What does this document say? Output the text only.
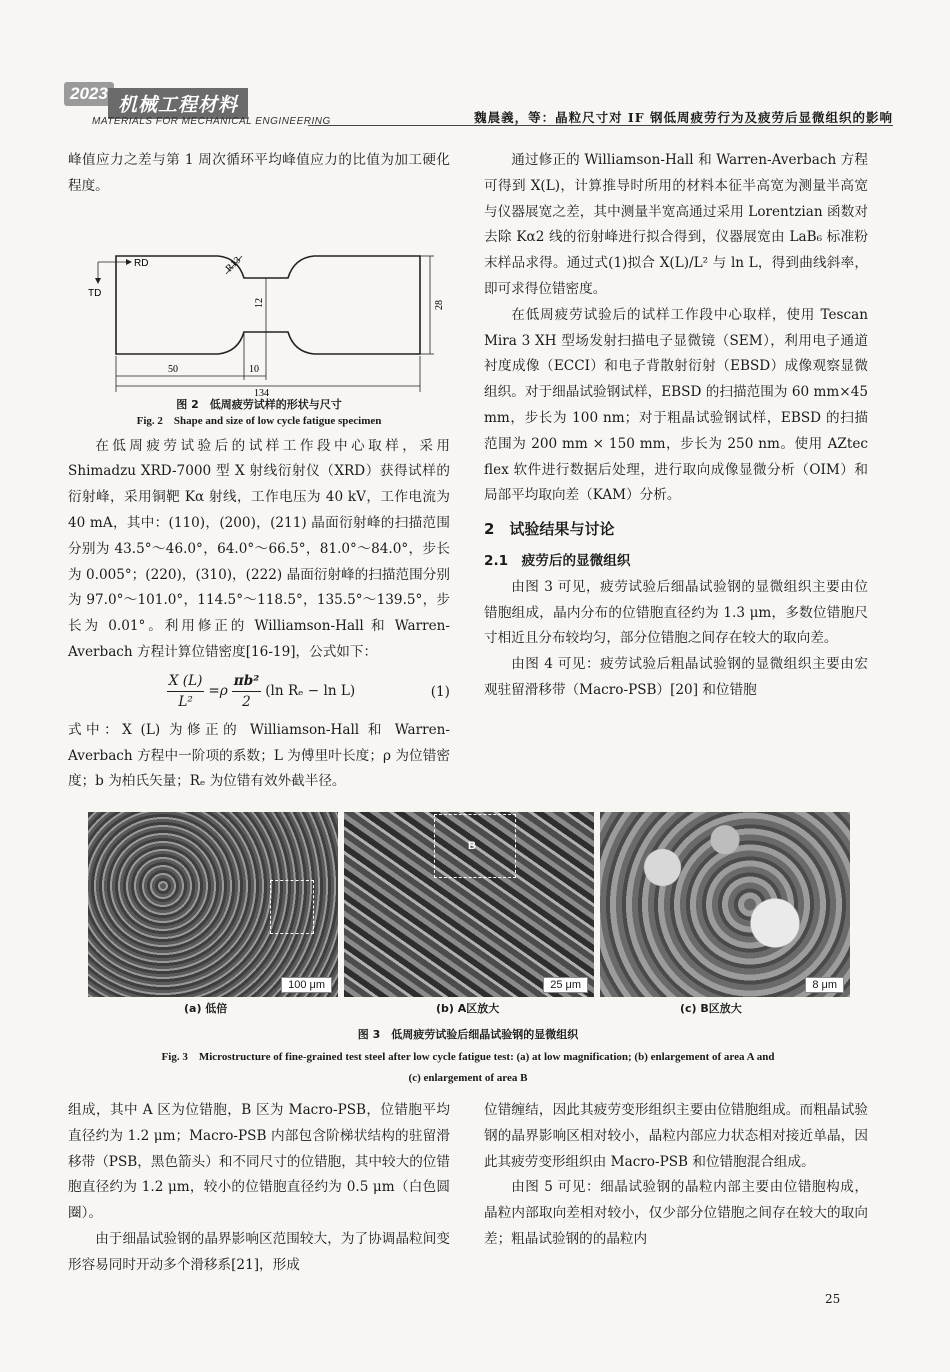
2023
机械工程材料
MATERIALS FOR MECHANICAL ENGINEERING	魏晨義，等：晶粒尺寸对 IF 钢低周疲劳行为及疲劳后显微组织的影响

峰值应力之差与第 1 周次循环平均峰值应力的比值为加工硬化程度。

RD
TD
R13
12	28
50	10
134
图 2　低周疲劳试样的形状与尺寸
Fig. 2　Shape and size of low cycle fatigue specimen

在低周疲劳试验后的试样工作段中心取样，采用 Shimadzu XRD-7000 型 X 射线衍射仪（XRD）获得试样的衍射峰，采用铜靶 Kα 射线，工作电压为 40 kV，工作电流为 40 mA，其中：(110)，(200)，(211) 晶面衍射峰的扫描范围分别为 43.5°～46.0°，64.0°～66.5°，81.0°～84.0°，步长为 0.005°；(220)，(310)，(222) 晶面衍射峰的扫描范围分别为 97.0°～101.0°，114.5°～118.5°，135.5°～139.5°，步长为 0.01°。利用修正的 Williamson-Hall 和 Warren-Averbach 方程计算位错密度[16-19]，公式如下：

$\frac{X (L)}{\text{L²}} =\rho \frac{\text{πb²}}{2} (\ln$ Rₑ − ln L)	(1)

式中：X (L) 为修正的 Williamson-Hall 和 Warren-Averbach 方程中一阶项的系数；L 为傅里叶长度；ρ 为位错密度；b 为柏氏矢量；Rₑ 为位错有效外截半径。

通过修正的 Williamson-Hall 和 Warren-Averbach 方程可得到 X(L)，计算推导时所用的材料本征半高宽为测量半高宽与仪器展宽之差，其中测量半宽高通过采用 Lorentzian 函数对去除 Kα2 线的衍射峰进行拟合得到，仪器展宽由 LaB₆ 标准粉末样品求得。通过式(1)拟合 X(L)/L² 与 ln L，得到曲线斜率，即可求得位错密度。

在低周疲劳试验后的试样工作段中心取样，使用 Tescan Mira 3 XH 型场发射扫描电子显微镜（SEM），利用电子通道衬度成像（ECCI）和电子背散射衍射（EBSD）成像观察显微组织。对于细晶试验钢试样，EBSD 的扫描范围为 60 mm×45 mm，步长为 100 nm；对于粗晶试验钢试样，EBSD 的扫描范围为 200 mm × 150 mm，步长为 250 nm。使用 AZtec flex 软件进行数据后处理，进行取向成像显微分析（OIM）和局部平均取向差（KAM）分析。

2　试验结果与讨论
2.1　疲劳后的显微组织

由图 3 可见，疲劳试验后细晶试验钢的显微组织主要由位错胞组成，晶内分布的位错胞直径约为 1.3 μm，多数位错胞尺寸相近且分布较均匀，部分位错胞之间存在较大的取向差。

由图 4 可见：疲劳试验后粗晶试验钢的显微组织主要由宏观驻留滑移带（Macro-PSB）[20] 和位错胞

100 μm
B
25 μm	8 μm
(a) 低倍	(b) A区放大	(c) B区放大
图 3　低周疲劳试验后细晶试验钢的显微组织
Fig. 3　Microstructure of fine-grained test steel after low cycle fatigue test: (a) at low magnification; (b) enlargement of area A and
(c) enlargement of area B

组成，其中 A 区为位错胞，B 区为 Macro-PSB，位错胞平均直径约为 1.2 μm；Macro-PSB 内部包含阶梯状结构的驻留滑移带（PSB，黑色箭头）和不同尺寸的位错胞，其中较大的位错胞直径约为 1.2 μm，较小的位错胞直径约为 0.5 μm（白色圆圈）。

由于细晶试验钢的晶界影响区范围较大，为了协调晶粒间变形容易同时开动多个滑移系[21]，形成

位错缠结，因此其疲劳变形组织主要由位错胞组成。而粗晶试验钢的晶界影响区相对较小，晶粒内部应力状态相对接近单晶，因此其疲劳变形组织由 Macro-PSB 和位错胞混合组成。

由图 5 可见：细晶试验钢的晶粒内部主要由位错胞构成，晶粒内部取向差相对较小，仅少部分位错胞之间存在较大的取向差；粗晶试验钢的的晶粒内

25
